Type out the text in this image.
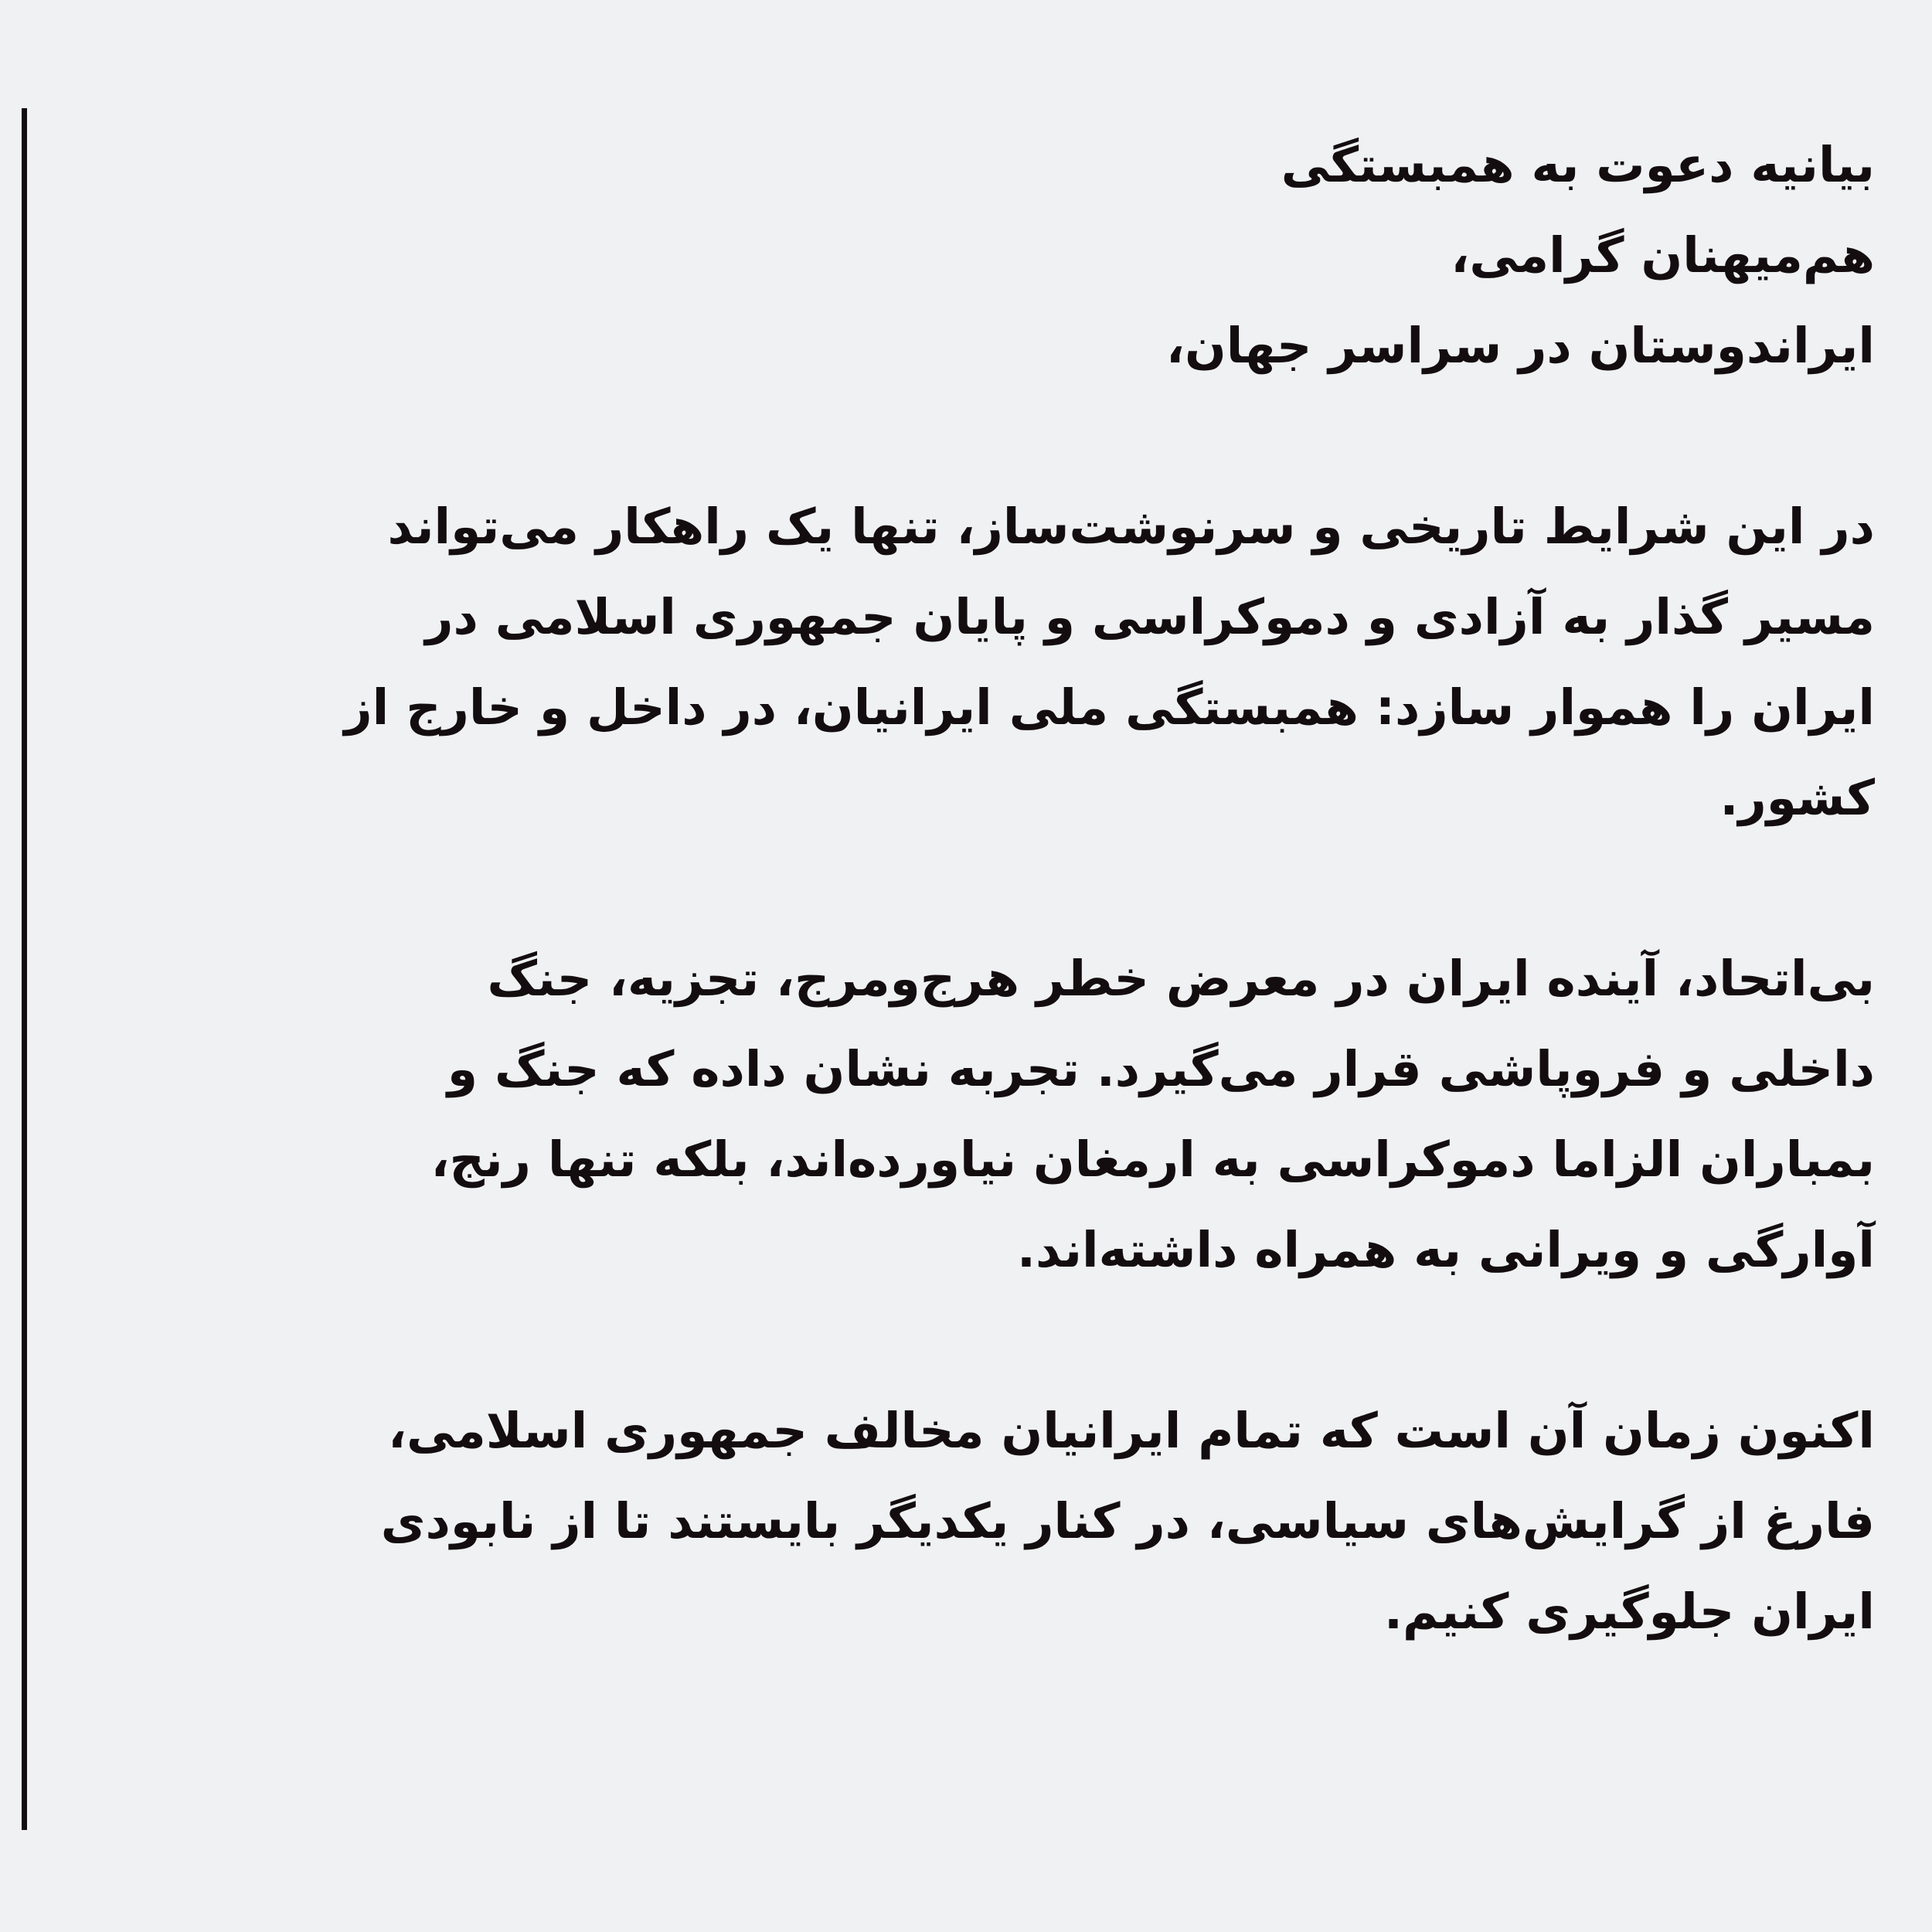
بیانیه دعوت به همبستگی

هم‌میهنان گرامی،
ایراندوستان در سراسر جهان،

در این شرایط تاریخی و سرنوشت‌ساز، تنها یک راهکار می‌تواند
مسیر گذار به آزادی و دموکراسی و پایان جمهوری اسلامی در
ایران را هموار سازد: همبستگی ملی ایرانیان، در داخل و خارج از
کشور.

بی‌اتحاد، آینده ایران در معرض خطر هرج‌ومرج، تجزیه، جنگ
داخلی و فروپاشی قرار می‌گیرد. تجربه نشان داده که جنگ و
بمباران الزاما دموکراسی به ارمغان نیاورده‌اند، بلکه تنها رنج،
آوارگی و ویرانی به همراه داشته‌اند.

اکنون زمان آن است که تمام ایرانیان مخالف جمهوری اسلامی،
فارغ از گرایش‌های سیاسی، در کنار یکدیگر بایستند تا از نابودی
ایران جلوگیری کنیم.
